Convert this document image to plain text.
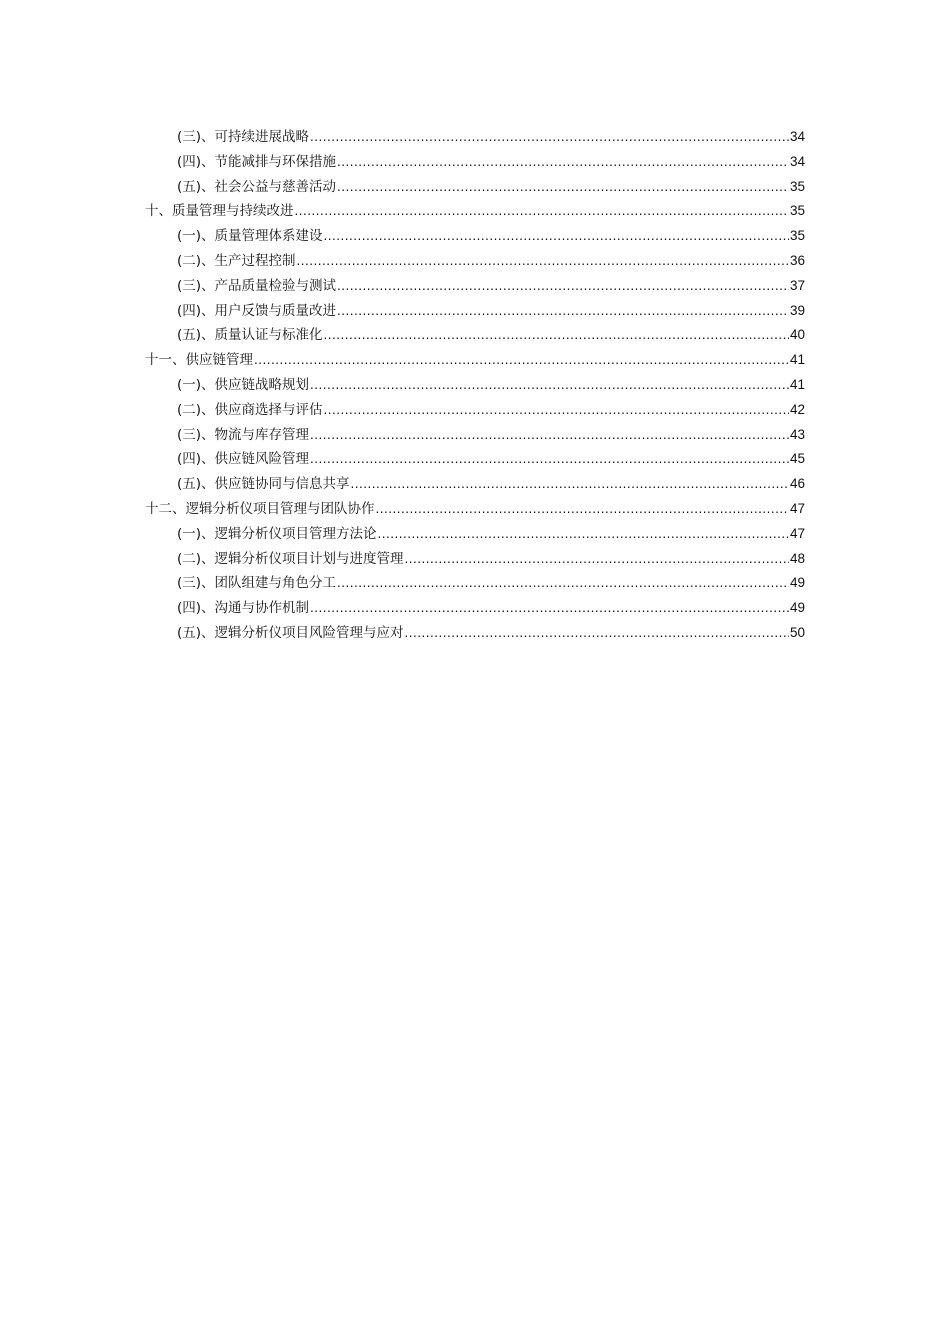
(三)、可持续进展战略 .....	34
(四)、节能减排与环保措施 .....	34
(五)、社会公益与慈善活动 .....	35
十、质量管理与持续改进 .....	35
(一)、质量管理体系建设 .....	35
(二)、生产过程控制 .....	36
(三)、产品质量检验与测试 .....	37
(四)、用户反馈与质量改进 .....	39
(五)、质量认证与标准化 .....	40
十一、供应链管理 .....	41
(一)、供应链战略规划 .....	41
(二)、供应商选择与评估 .....	42
(三)、物流与库存管理 .....	43
(四)、供应链风险管理 .....	45
(五)、供应链协同与信息共享 .....	46
十二、逻辑分析仪项目管理与团队协作 .....	47
(一)、逻辑分析仪项目管理方法论 .....	47
(二)、逻辑分析仪项目计划与进度管理 .....	48
(三)、团队组建与角色分工 .....	49
(四)、沟通与协作机制 .....	49
(五)、逻辑分析仪项目风险管理与应对 .....	50
